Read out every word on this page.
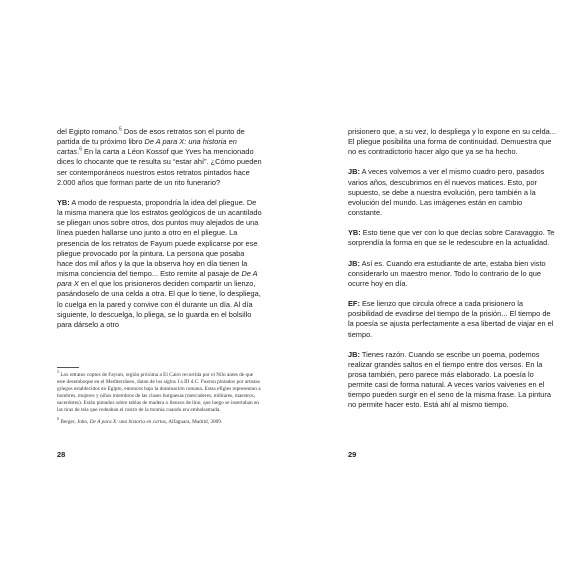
del Egipto romano.$^5$ Dos de esos retratos son el punto de partida de tu próximo libro De A para X: una historia en cartas.$^6$ En la carta a Léon Kossof que Yves ha mencionado dices lo chocante que te resulta su “estar ahí”. ¿Cómo pueden ser contemporáneos nuestros estos retratos pintados hace 2.000 años que forman parte de un rito funerario?

YB: A modo de respuesta, propondría la idea del pliegue. De la misma manera que los estratos geológicos de un acantilado se pliegan unos sobre otros, dos puntos muy alejados de una línea pueden hallarse uno junto a otro en el pliegue. La presencia de los retratos de Fayum puede explicarse por ese pliegue provocado por la pintura. La persona que posaba hace dos mil años y la que la observa hoy en día tienen la misma conciencia del tiempo... Esto remite al pasaje de De A para X en el que los prisioneros deciden compartir un lienzo, pasándoselo de una celda a otra. El que lo tiene, lo despliega, lo cuelga en la pared y convive con él durante un día. Al día siguiente, lo descuelga, lo pliega, se lo guarda en el bolsillo para dárselo a otro

$^5$ Los retratos coptos de Fayum, región próxima a El Cairo recorrida por el Nilo antes de que este desemboque en el Mediterráneo, datan de los siglos I a III d.C. Fueron pintados por artistas griegos establecidos en Egipto, entonces bajo la dominación romana. Estas efigies representan a hombres, mujeres y niños miembros de las clases burguesas (mercaderes, militares, maestros, sacerdotes). Están pintados sobre tablas de madera o lienzos de lino, que luego se insertaban en las tiras de tela que rodeaban el rostro de la momia cuando era embalsamada.

$^6$ Berger, John, De A para X: una historia en cartas, Alfaguara, Madrid, 2009.

28

prisionero que, a su vez, lo despliega y lo expone en su celda... El pliegue posibilita una forma de continuidad. Demuestra que no es contradictorio hacer algo que ya se ha hecho.

JB: A veces volvemos a ver el mismo cuadro pero, pasados varios años, descubrimos en él nuevos matices. Esto, por supuesto, se debe a nuestra evolución, pero también a la evolución del mundo. Las imágenes están en cambio constante.

YB: Esto tiene que ver con lo que decías sobre Caravaggio. Te sorprendía la forma en que se le redescubre en la actualidad.

JB: Así es. Cuando era estudiante de arte, estaba bien visto considerarlo un maestro menor. Todo lo contrario de lo que ocurre hoy en día.

EF: Ese lienzo que circula ofrece a cada prisionero la posibilidad de evadirse del tiempo de la prisión... El tiempo de la poesía se ajusta perfectamente a esa libertad de viajar en el tiempo.

JB: Tienes razón. Cuando se escribe un poema, podemos realizar grandes saltos en el tiempo entre dos versos. En la prosa también, pero parece más elaborado. La poesía lo permite casi de forma natural. A veces varios vaivenes en el tiempo pueden surgir en el seno de la misma frase. La pintura no permite hacer esto. Está ahí al mismo tiempo.

29
